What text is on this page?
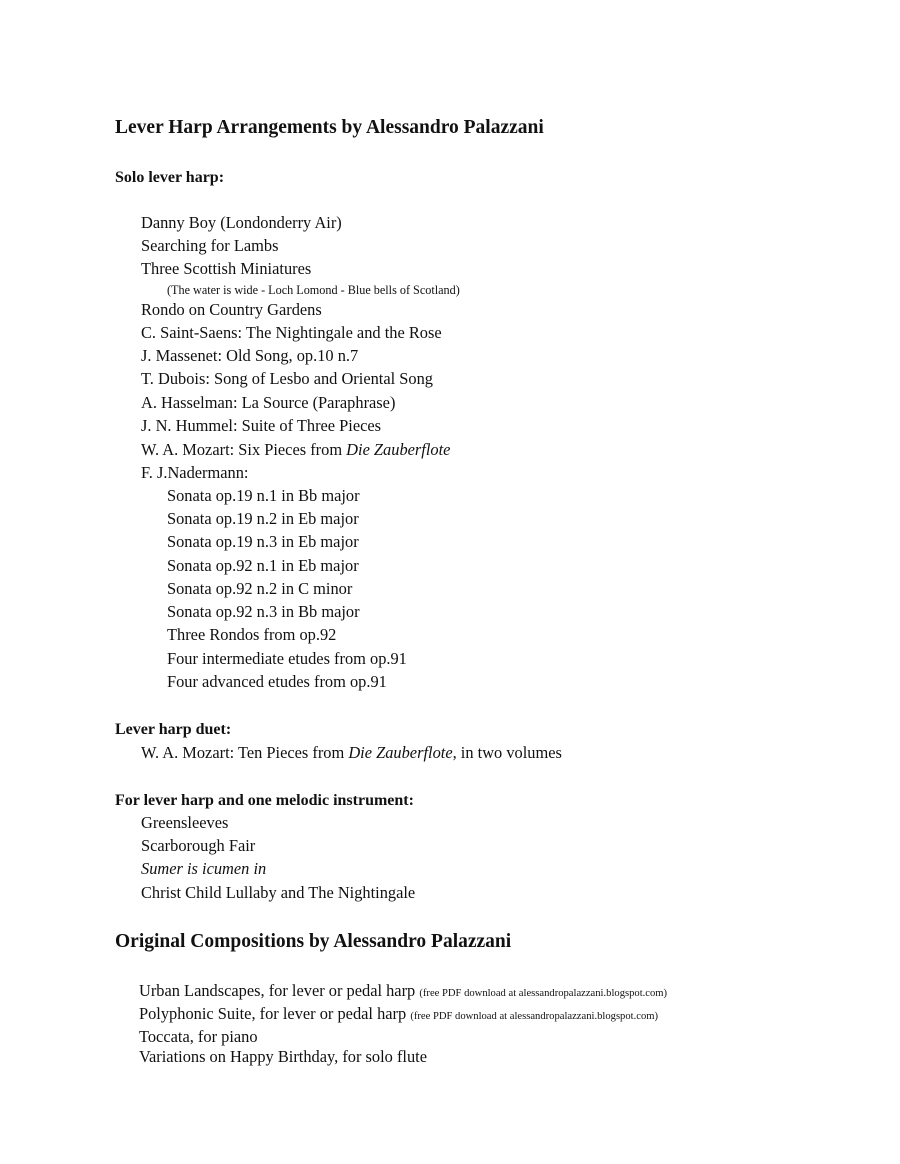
Lever Harp Arrangements by Alessandro Palazzani
Solo lever harp:
Danny Boy (Londonderry Air)
Searching for Lambs
Three Scottish Miniatures
(The water is wide - Loch Lomond - Blue bells of Scotland)
Rondo on Country Gardens
C. Saint-Saens: The Nightingale and the Rose
J. Massenet: Old Song, op.10 n.7
T. Dubois: Song of Lesbo and Oriental Song
A. Hasselman: La Source (Paraphrase)
J. N. Hummel: Suite of Three Pieces
W. A. Mozart: Six Pieces from Die Zauberflote
F. J.Nadermann:
Sonata op.19 n.1 in Bb major
Sonata op.19 n.2 in Eb major
Sonata op.19 n.3 in Eb major
Sonata op.92 n.1 in Eb major
Sonata op.92 n.2 in C minor
Sonata op.92 n.3 in Bb major
Three Rondos from op.92
Four intermediate etudes from op.91
Four advanced etudes from op.91
Lever harp duet:
W. A. Mozart: Ten Pieces from Die Zauberflote, in two volumes
For lever harp and one melodic instrument:
Greensleeves
Scarborough Fair
Sumer is icumen in
Christ Child Lullaby and The Nightingale
Original Compositions by Alessandro Palazzani
Urban Landscapes, for lever or pedal harp (free PDF download at alessandropalazzani.blogspot.com)
Polyphonic Suite, for lever or pedal harp (free PDF download at alessandropalazzani.blogspot.com)
Toccata, for piano
Variations on Happy Birthday, for solo flute
